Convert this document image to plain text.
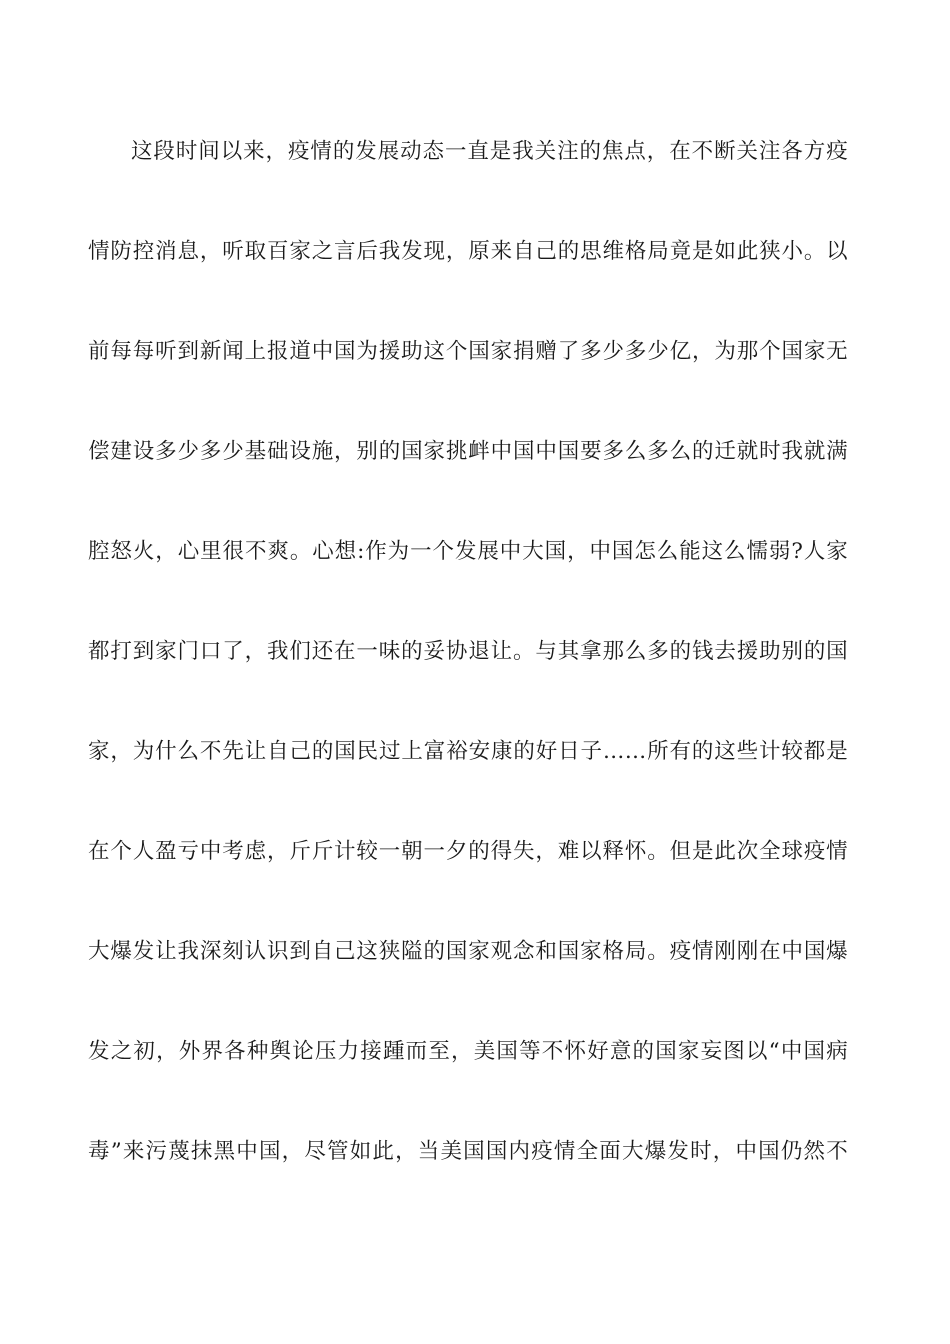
这段时间以来，疫情的发展动态一直是我关注的焦点，在不断关注各方疫
情防控消息，听取百家之言后我发现，原来自己的思维格局竟是如此狭小。以
前每每听到新闻上报道中国为援助这个国家捐赠了多少多少亿，为那个国家无
偿建设多少多少基础设施，别的国家挑衅中国中国要多么多么的迁就时我就满
腔怒火，心里很不爽。心想:作为一个发展中大国，中国怎么能这么懦弱?人家
都打到家门口了，我们还在一味的妥协退让。与其拿那么多的钱去援助别的国
家，为什么不先让自己的国民过上富裕安康的好日子……所有的这些计较都是
在个人盈亏中考虑，斤斤计较一朝一夕的得失，难以释怀。但是此次全球疫情
大爆发让我深刻认识到自己这狭隘的国家观念和国家格局。疫情刚刚在中国爆
发之初，外界各种舆论压力接踵而至，美国等不怀好意的国家妄图以“中国病
毒”来污蔑抹黑中国，尽管如此，当美国国内疫情全面大爆发时，中国仍然不
